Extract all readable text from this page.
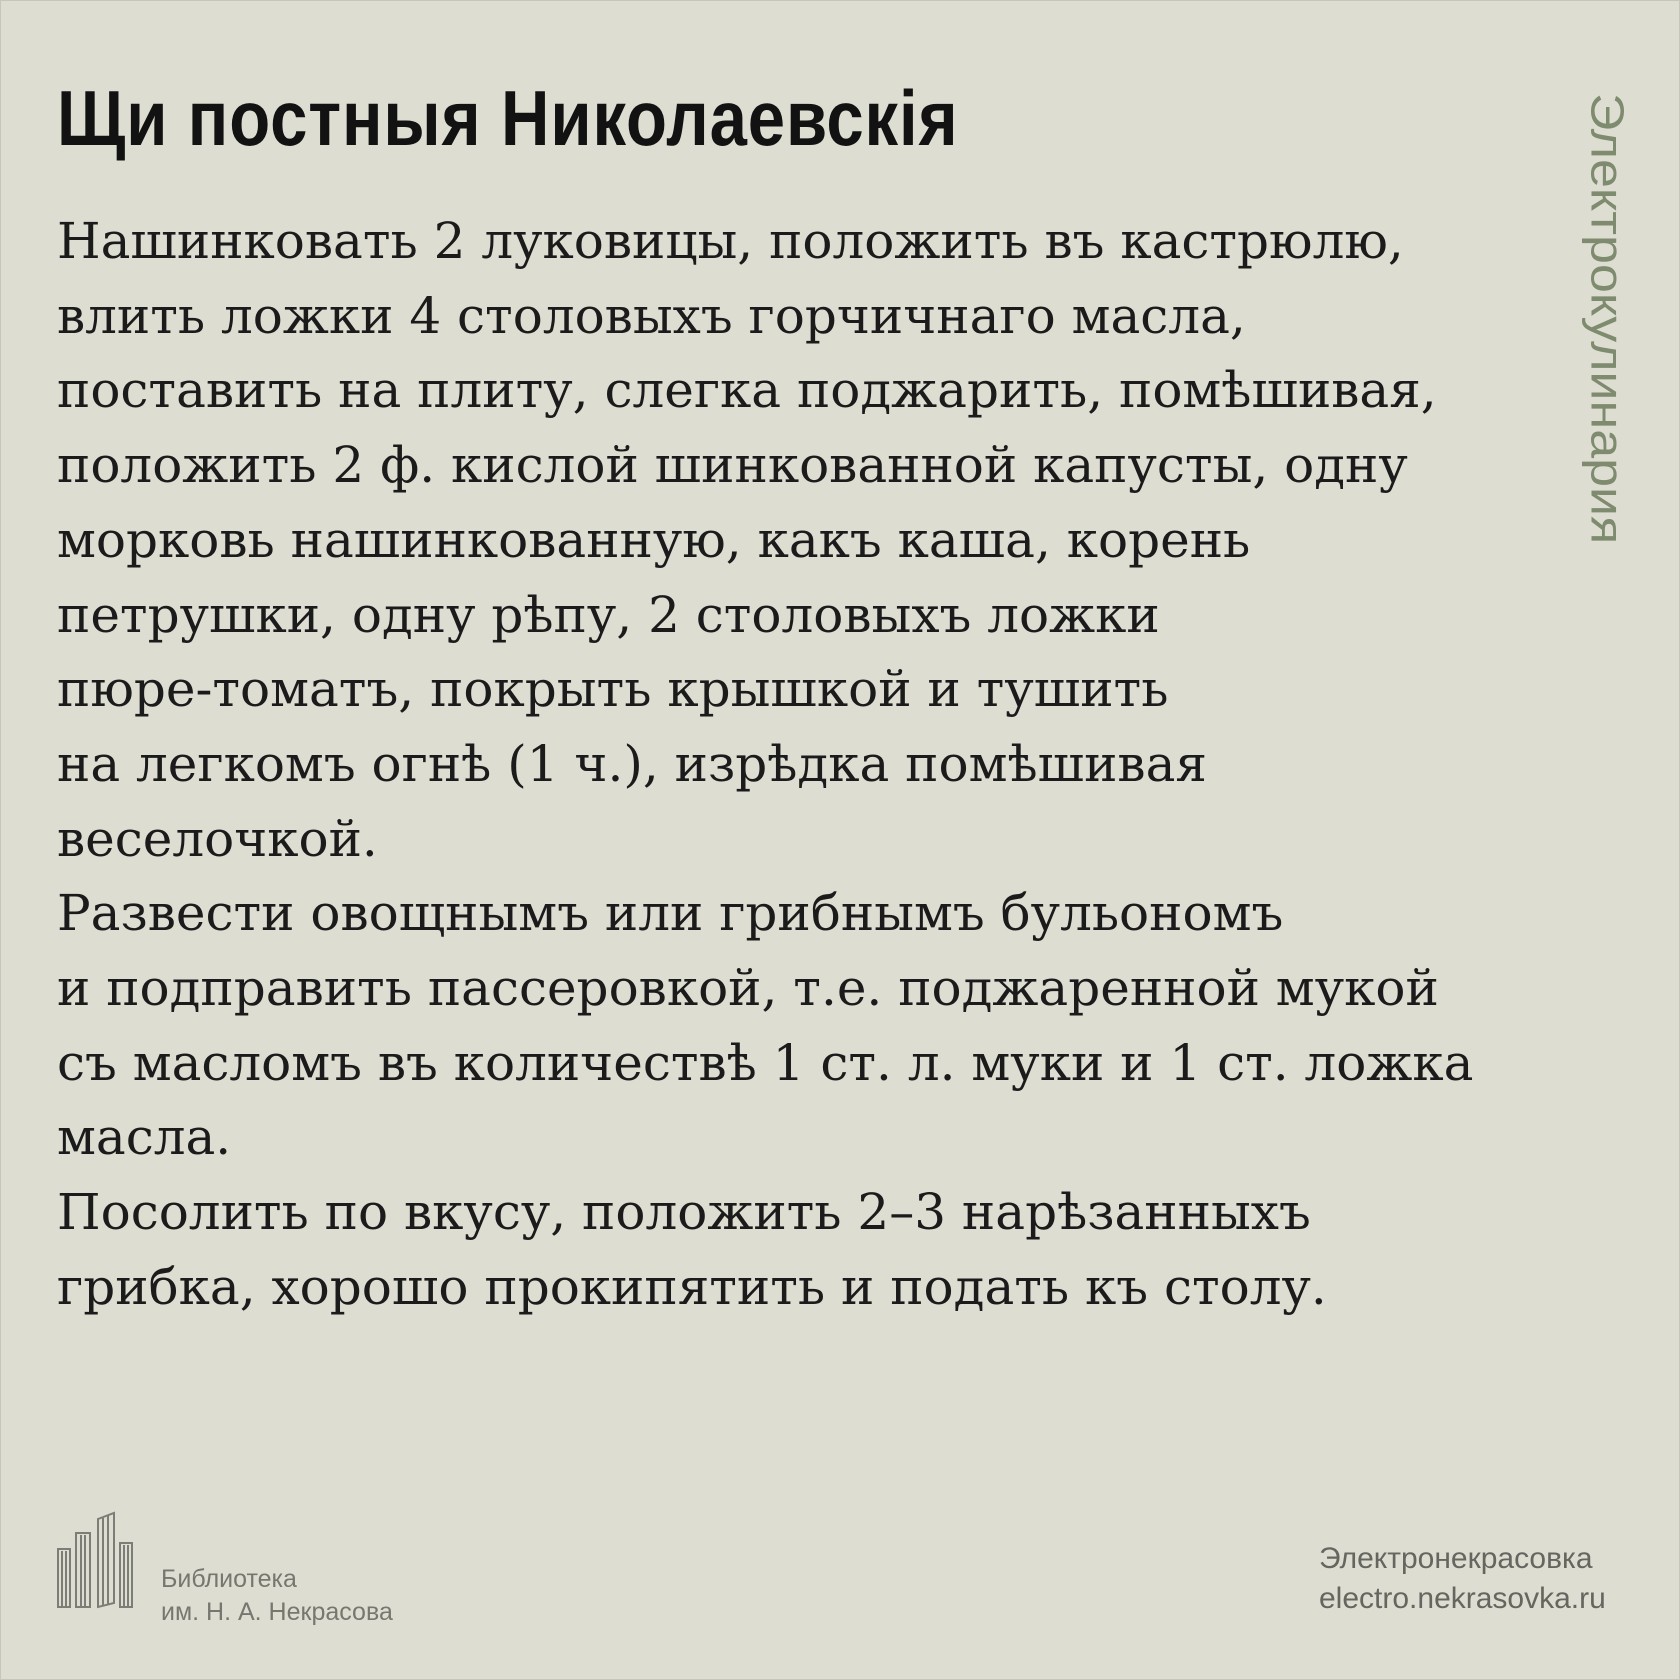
Щи постныя Николаевскія
Нашинковать 2 луковицы, положить въ кастрюлю,
влить ложки 4 столовыхъ горчичнаго масла,
поставить на плиту, слегка поджарить, помѣшивая,
положить 2 ф. кислой шинкованной капусты, одну
морковь нашинкованную, какъ каша, корень
петрушки, одну рѣпу, 2 столовыхъ ложки
пюре-томатъ, покрыть крышкой и тушить
на легкомъ огнѣ (1 ч.), изрѣдка помѣшивая
веселочкой.
Развести овощнымъ или грибнымъ бульономъ
и подправить пассеровкой, т.е. поджаренной мукой
съ масломъ въ количествѣ 1 ст. л. муки и 1 ст. ложка
масла.
Посолить по вкусу, положить 2–3 нарѣзанныхъ
грибка, хорошо прокипятить и подать къ столу.
Электрокулинария
Библиотека
им. Н. А. Некрасова
Электронекрасовка
electro.nekrasovka.ru
